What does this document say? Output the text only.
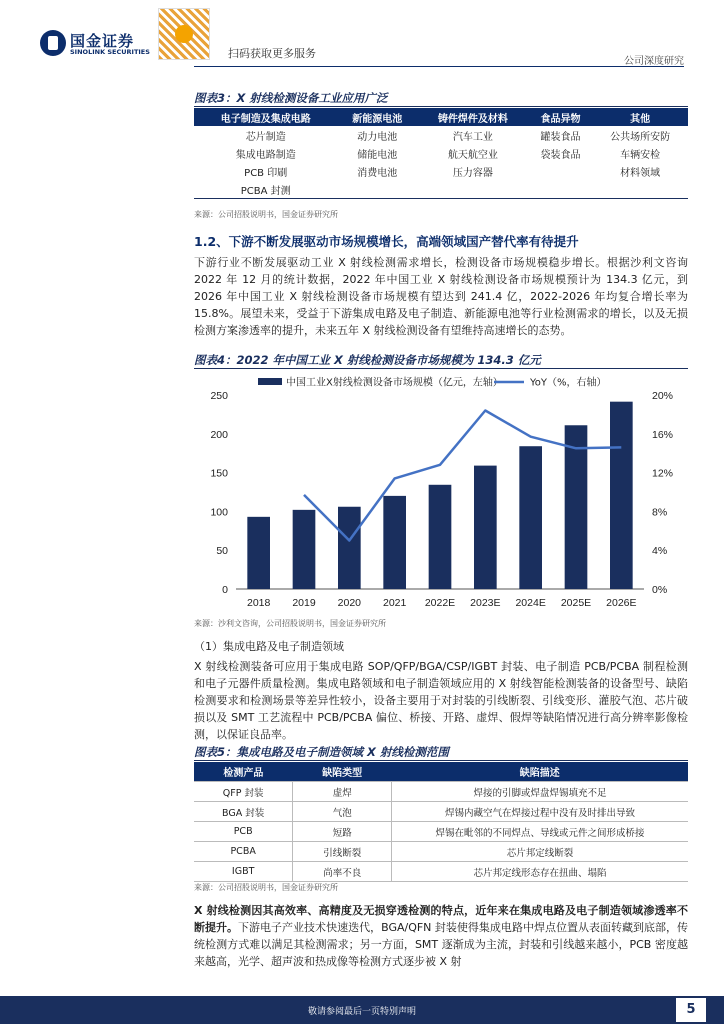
国金证券
SINOLINK SECURITIES	扫码获取更多服务
公司深度研究
图表3：X 射线检测设备工业应用广泛
电子制造及集成电路	新能源电池	铸件焊件及材料	食品异物	其他
芯片制造	动力电池	汽车工业	罐装食品	公共场所安防
集成电路制造	储能电池	航天航空业	袋装食品	车辆安检
PCB 印刷	消费电池	压力容器		材料领域
PCBA 封测				
来源：公司招股说明书，国金证券研究所
1.2、下游不断发展驱动市场规模增长，高端领域国产替代率有待提升
下游行业不断发展驱动工业 X 射线检测需求增长，检测设备市场规模稳步增长。根据沙利文咨询 2022 年 12 月的统计数据，2022 年中国工业 X 射线检测设备市场规模预计为 134.3 亿元，到 2026 年中国工业 X 射线检测设备市场规模有望达到 241.4 亿，2022-2026 年均复合增长率为 15.8%。展望未来，受益于下游集成电路及电子制造、新能源电池等行业检测需求的增长，以及无损检测方案渗透率的提升，未来五年 X 射线检测设备有望维持高速增长的态势。
图表4：2022 年中国工业 X 射线检测设备市场规模为 134.3 亿元
0
50
100
150
200
250
0%
4%
8%
12%
16%
20%
2018 2019 2020 2021 2022E 2023E 2024E 2025E 2026E
中国工业X射线检测设备市场规模（亿元，左轴）	YoY（%，右轴）
来源：沙利文咨询，公司招股说明书，国金证券研究所
（1）集成电路及电子制造领域
X 射线检测装备可应用于集成电路 SOP/QFP/BGA/CSP/IGBT 封装、电子制造 PCB/PCBA 制程检测和电子元器件质量检测。集成电路领域和电子制造领域应用的 X 射线智能检测装备的设备型号、缺陷检测要求和检测场景等差异性较小，设备主要用于对封装的引线断裂、引线变形、灌胶气泡、芯片破损以及 SMT 工艺流程中 PCB/PCBA 偏位、桥接、开路、虚焊、假焊等缺陷情况进行高分辨率影像检测，以保证良品率。
图表5：集成电路及电子制造领域 X 射线检测范围
检测产品	缺陷类型	缺陷描述
QFP 封装	虚焊	焊接的引脚或焊盘焊锡填充不足
BGA 封装	气泡	焊锡内藏空气在焊接过程中没有及时排出导致
PCB	短路	焊锡在毗邻的不同焊点、导线或元件之间形成桥接
PCBA	引线断裂	芯片邦定线断裂
IGBT	尚率不良	芯片邦定线形态存在扭曲、塌陷
来源：公司招股说明书，国金证券研究所
X 射线检测因其高效率、高精度及无损穿透检测的特点，近年来在集成电路及电子制造领域渗透率不断提升。下游电子产业技术快速迭代，BGA/QFN 封装使得集成电路中焊点位置从表面转藏到底部，传统检测方式难以满足其检测需求；另一方面，SMT 逐渐成为主流，封装和引线越来越小，PCB 密度越来越高，光学、超声波和热成像等检测方式逐步被 X 射
敬请参阅最后一页特别声明	5
